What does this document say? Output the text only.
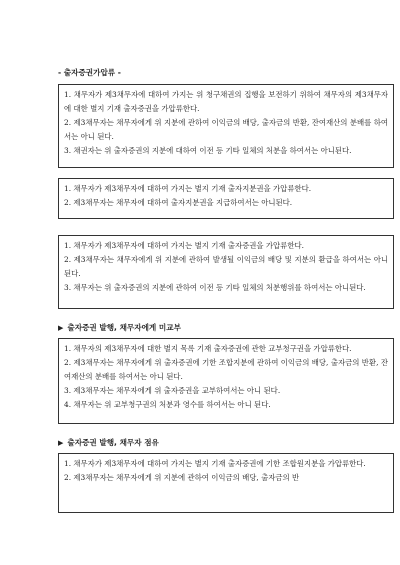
- 출자증권가압류 -

1. 채무자가 제3채무자에 대하여 가지는 위 청구채권의 집행을 보전하기 위하여 채무자의 제3채무자에 대한 별지 기재 출자증권을 가압류한다.

2. 제3채무자는 채무자에게 위 지분에 관하여 이익금의 배당, 출자금의 반환, 잔여재산의 분배를 하여서는 아니 된다.

3. 채권자는 위 출자증권의 지분에 대하여 이전 등 기타 일체의 처분을 하여서는 아니된다.

1. 채무자가 제3채무자에 대하여 가지는 별지 기재 출자지분권을 가압류한다.

2. 제3채무자는 채무자에 대하여 출자지분권을 지급하여서는 아니된다.

1. 채무자가 제3채무자에 대하여 가지는 별지 기재 출자증권을 가압류한다.

2. 제3채무자는 채무자에게 위 지분에 관하여 발생될 이익금의 배당 및 지분의 환급을 하여서는 아니 된다.

3. 채무자는 위 출자증권의 지분에 관하여 이전 등 기타 일체의 처분행위를 하여서는 아니된다.

▶ 출자증권 발행, 채무자에게 미교부

1. 채무자의 제3채무자에 대한 별지 목록 기재 출자증권에 관한 교부청구권을 가압류한다.

2. 제3채무자는 채무자에게 위 출자증권에 기한 조합지분에 관하여 이익금의 배당, 출자금의 반환, 잔여재산의 분배를 하여서는 아니 된다.

3. 제3채무자는 채무자에게 위 출자증권을 교부하여서는 아니 된다.

4. 채무자는 위 교부청구권의 처분과 영수를 하여서는 아니 된다.

▶ 출자증권 발행, 채무자 점유

1. 채무자가 제3채무자에 대하여 가지는 별지 기재 출자증권에 기한 조합원지분을 가압류한다.

2. 제3채무자는 채무자에게 위 지분에 관하여 이익금의 배당, 출자금의 반
